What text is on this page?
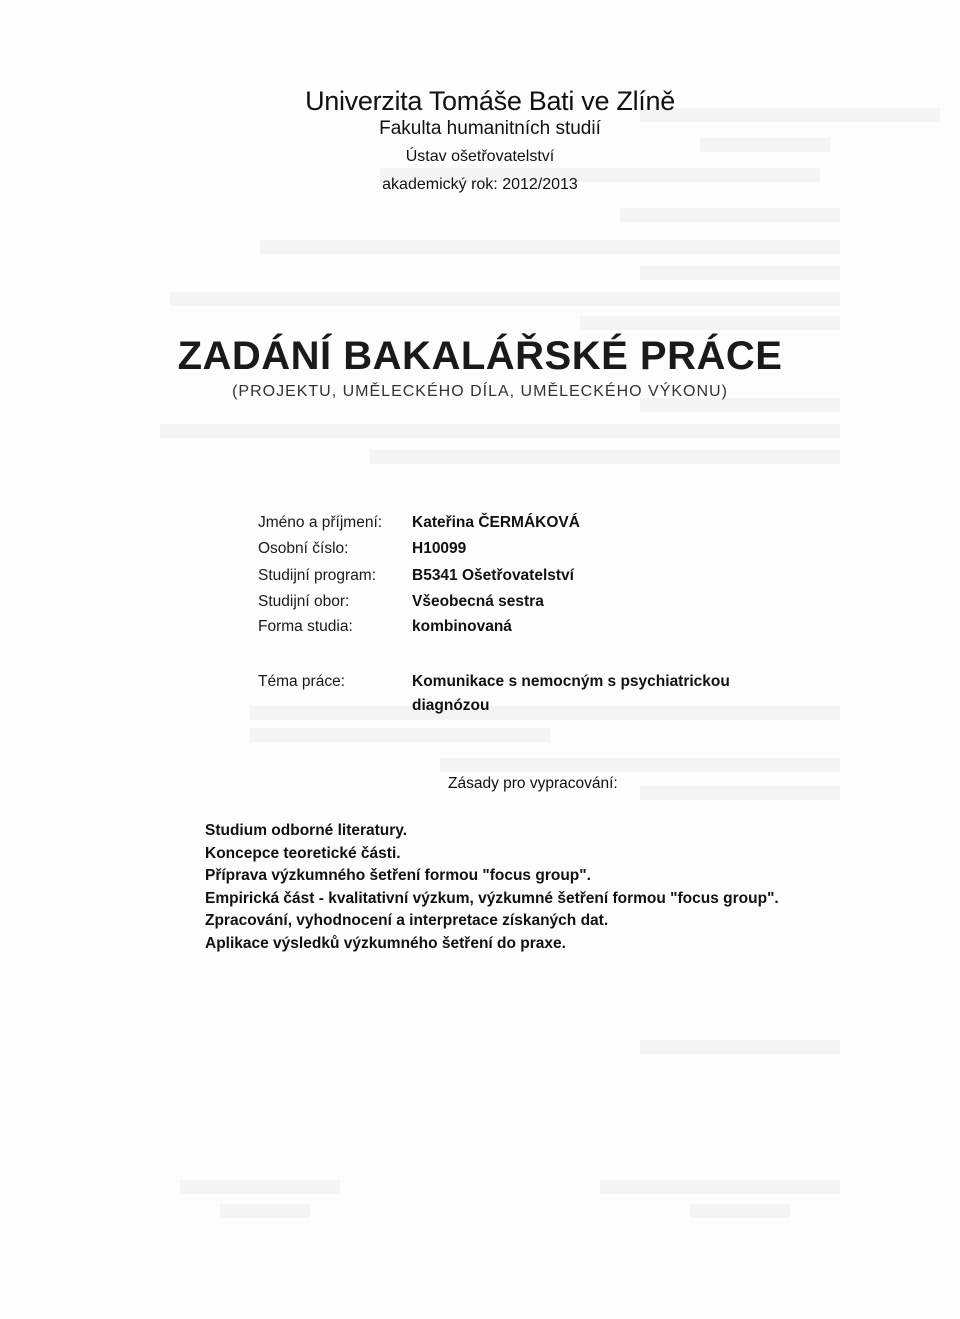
Univerzita Tomáše Bati ve Zlíně
Fakulta humanitních studií
Ústav ošetřovatelství
akademický rok: 2012/2013
ZADÁNÍ BAKALÁŘSKÉ PRÁCE
(PROJEKTU, UMĚLECKÉHO DÍLA, UMĚLECKÉHO VÝKONU)
Jméno a příjmení: Kateřina ČERMÁKOVÁ
Osobní číslo:	H10099
Studijní program: B5341 Ošetřovatelství
Studijní obor:	Všeobecná sestra
Forma studia:	kombinovaná
Téma práce:	Komunikace s nemocným s psychiatrickou
diagnózou
Zásady pro vypracování:
Studium odborné literatury.
Koncepce teoretické části.
Příprava výzkumného šetření formou "focus group".
Empirická část - kvalitativní výzkum, výzkumné šetření formou "focus group".
Zpracování, vyhodnocení a interpretace získaných dat.
Aplikace výsledků výzkumného šetření do praxe.
